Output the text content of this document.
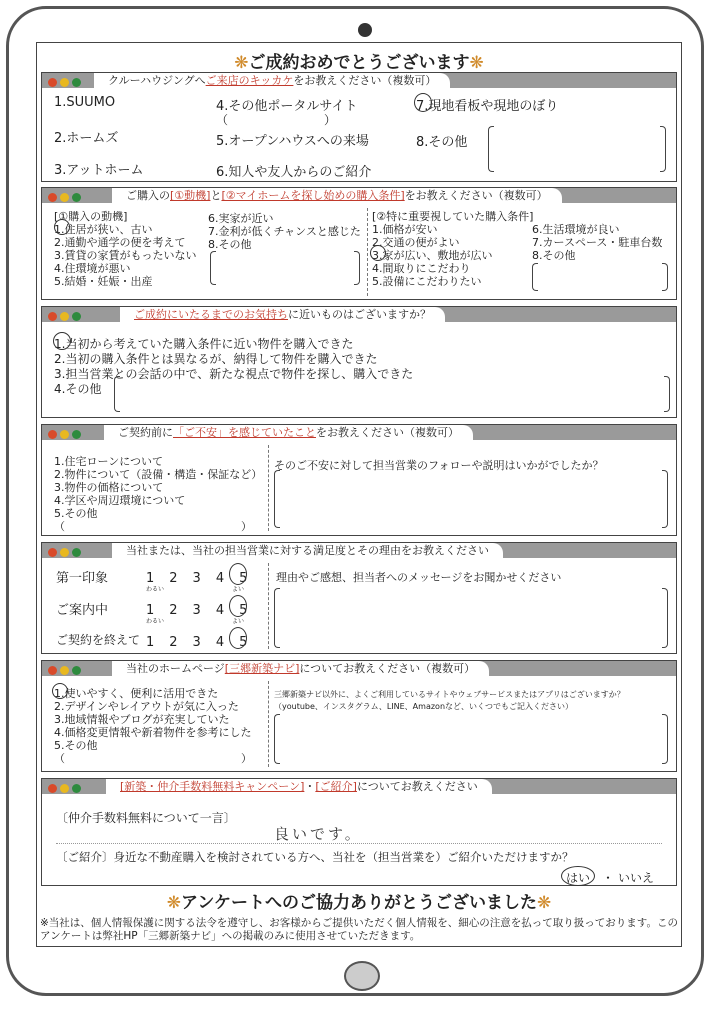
❋ご成約おめでとうございます❋
クルーハウジングへご来店のキッカケをお教えください（複数可）
1.SUUMO
2.ホームズ
3.アットホーム
4.その他ポータルサイト
（　　　　　　　　）
5.オープンハウスへの来場
6.知人や友人からのご紹介
7.現地看板や現地のぼり
8.その他
ご購入の[①動機]と[②マイホームを探し始めの購入条件]をお教えください（複数可）
[①購入の動機]
1.住居が狭い、古い
2.通勤や通学の便を考えて
3.賃貸の家賃がもったいない
4.住環境が悪い
5.結婚・妊娠・出産
6.実家が近い
7.金利が低くチャンスと感じた
8.その他
[②特に重要視していた購入条件]
1.価格が安い
2.交通の便がよい
3.家が広い、敷地が広い
4.間取りにこだわり
5.設備にこだわりたい
6.生活環境が良い
7.カースペース・駐車台数
8.その他
ご成約にいたるまでのお気持ちに近いものはございますか？
1.当初から考えていた購入条件に近い物件を購入できた
2.当初の購入条件とは異なるが、納得して物件を購入できた
3.担当営業との会話の中で、新たな視点で物件を探し、購入できた
4.その他
ご契約前に「ご不安」を感じていたことをお教えください（複数可）
1.住宅ローンについて
2.物件について（設備・構造・保証など）
3.物件の価格について
4.学区や周辺環境について
5.その他
（　　　　　　　　　　　　　　　　）
そのご不安に対して担当営業のフォローや説明はいかがでしたか？
当社または、当社の担当営業に対する満足度とその理由をお教えください
第一印象	1　2　3　4　5
わるい	よい
ご案内中	1　2　3　4　5
わるい	よい
ご契約を終えて 1　2　3　4　5
理由やご感想、担当者へのメッセージをお聞かせください
当社のホームページ[三郷新築ナビ]についてお教えください（複数可）
1.使いやすく、便利に活用できた
2.デザインやレイアウトが気に入った
3.地域情報やブログが充実していた
4.価格変更情報や新着物件を参考にした
5.その他
（　　　　　　　　　　　　　　　　）
三郷新築ナビ以外に、よくご利用しているサイトやウェブサービスまたはアプリはございますか？
（youtube、インスタグラム、LINE、Amazonなど、いくつでもご記入ください）
[新築・仲介手数料無料キャンペーン]・[ご紹介]についてお教えください
〔仲介手数料無料について一言〕
良いです。
〔ご紹介〕身近な不動産購入を検討されている方へ、当社を（担当営業を）ご紹介いただけますか？
はい ・ いいえ
❋アンケートへのご協力ありがとうございました❋
※当社は、個人情報保護に関する法令を遵守し、お客様からご提供いただく個人情報を、細心の注意を払って取り扱っております。このアンケートは弊社HP「三郷新築ナビ」への掲載のみに使用させていただきます。
